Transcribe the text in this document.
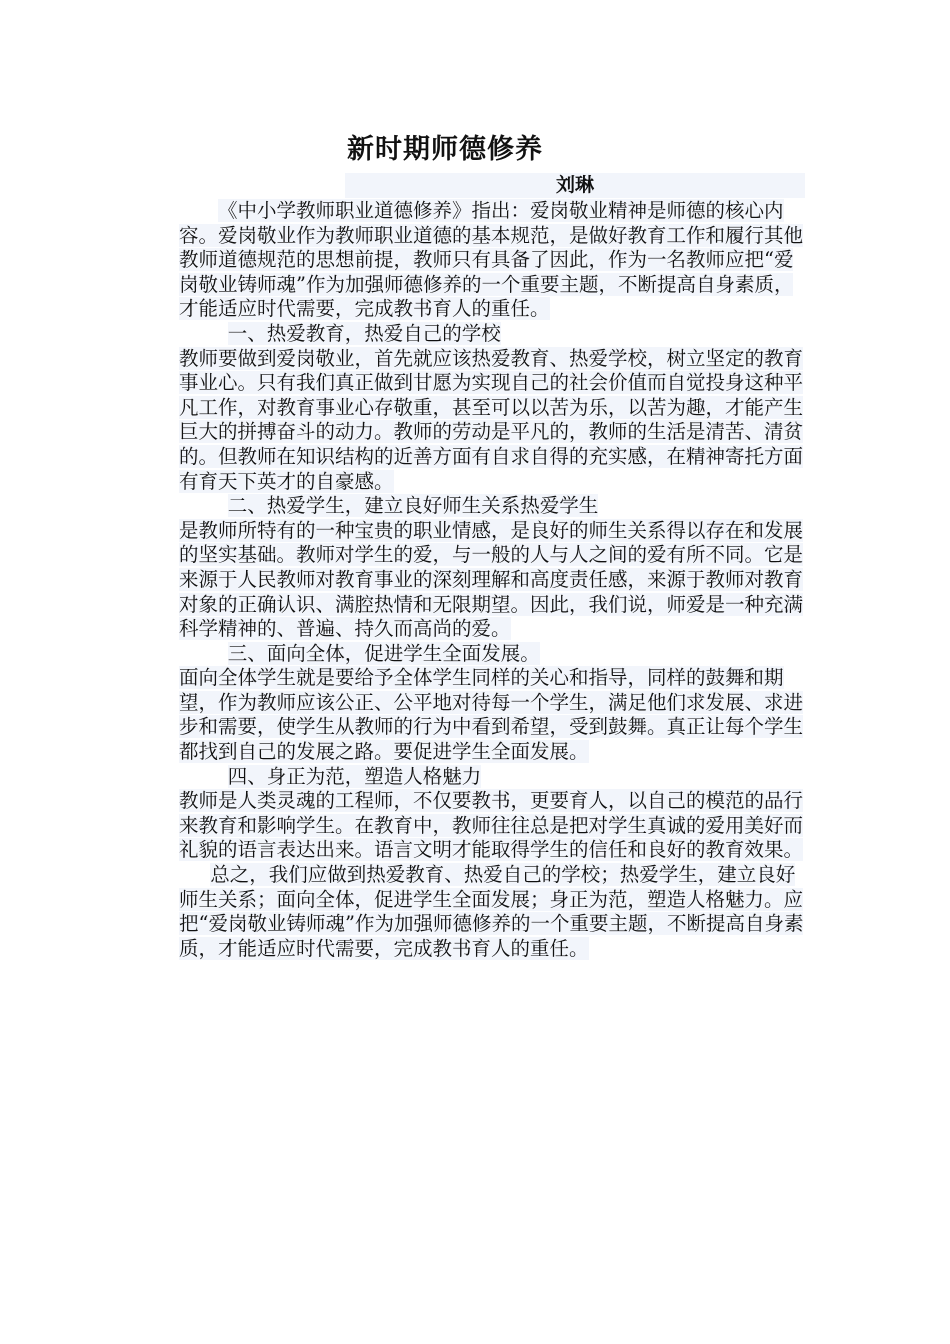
新时期师德修养
刘琳

《中小学教师职业道德修养》指出：爱岗敬业精神是师德的核心内容。爱岗敬业作为教师职业道德的基本规范，是做好教育工作和履行其他教师道德规范的思想前提，教师只有具备了因此，作为一名教师应把“爱岗敬业铸师魂”作为加强师德修养的一个重要主题，不断提高自身素质，才能适应时代需要，完成教书育人的重任。

一、热爱教育，热爱自己的学校

教师要做到爱岗敬业，首先就应该热爱教育、热爱学校，树立坚定的教育事业心。只有我们真正做到甘愿为实现自己的社会价值而自觉投身这种平凡工作，对教育事业心存敬重，甚至可以以苦为乐，以苦为趣，才能产生巨大的拼搏奋斗的动力。教师的劳动是平凡的，教师的生活是清苦、清贫的。但教师在知识结构的近善方面有自求自得的充实感，在精神寄托方面有育天下英才的自豪感。

二、热爱学生，建立良好师生关系热爱学生

是教师所特有的一种宝贵的职业情感，是良好的师生关系得以存在和发展的坚实基础。教师对学生的爱，与一般的人与人之间的爱有所不同。它是来源于人民教师对教育事业的深刻理解和高度责任感，来源于教师对教育对象的正确认识、满腔热情和无限期望。因此，我们说，师爱是一种充满科学精神的、普遍、持久而高尚的爱。

三、面向全体，促进学生全面发展。

面向全体学生就是要给予全体学生同样的关心和指导，同样的鼓舞和期望，作为教师应该公正、公平地对待每一个学生，满足他们求发展、求进步和需要，使学生从教师的行为中看到希望，受到鼓舞。真正让每个学生都找到自己的发展之路。要促进学生全面发展。

四、身正为范，塑造人格魅力

教师是人类灵魂的工程师，不仅要教书，更要育人，以自己的模范的品行来教育和影响学生。在教育中，教师往往总是把对学生真诚的爱用美好而礼貌的语言表达出来。语言文明才能取得学生的信任和良好的教育效果。

总之，我们应做到热爱教育、热爱自己的学校；热爱学生，建立良好师生关系；面向全体，促进学生全面发展；身正为范，塑造人格魅力。应把“爱岗敬业铸师魂”作为加强师德修养的一个重要主题，不断提高自身素质，才能适应时代需要，完成教书育人的重任。
